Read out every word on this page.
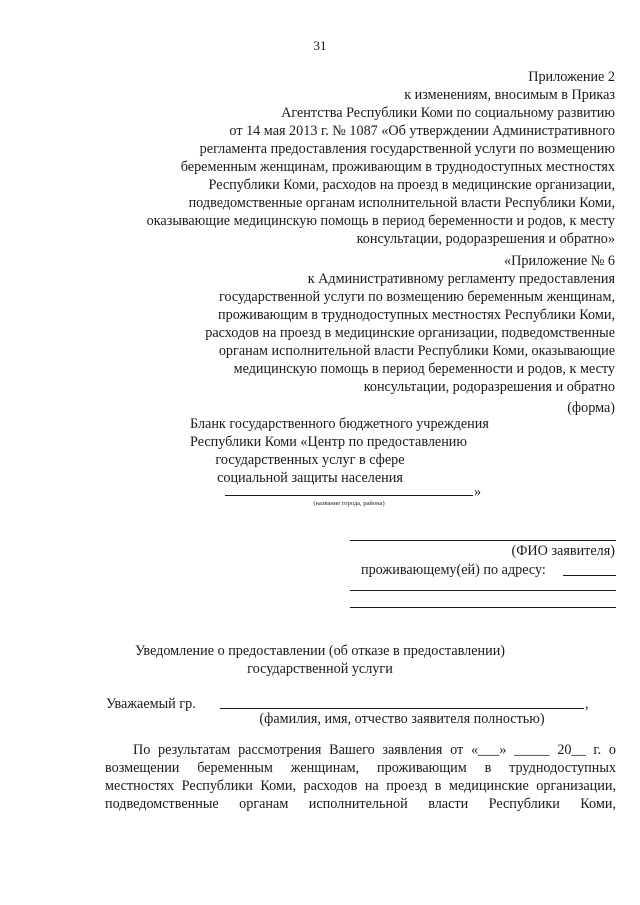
31
Приложение 2
к изменениям, вносимым в Приказ
Агентства Республики Коми по социальному развитию
от 14 мая 2013 г. № 1087 «Об утверждении Административного
регламента предоставления государственной услуги по возмещению
беременным женщинам, проживающим в труднодоступных местностях
Республики Коми, расходов на проезд в медицинские организации,
подведомственные органам исполнительной власти Республики Коми,
оказывающие медицинскую помощь в период беременности и родов, к месту
консультации, родоразрешения и обратно»
«Приложение № 6
к Административному регламенту предоставления
государственной услуги по возмещению беременным женщинам,
проживающим в труднодоступных местностях Республики Коми,
расходов на проезд в медицинские организации, подведомственные
органам исполнительной власти Республики Коми, оказывающие
медицинскую помощь в период беременности и родов, к месту
консультации, родоразрешения и обратно
(форма)
Бланк государственного бюджетного учреждения
Республики Коми «Центр по предоставлению
государственных услуг в сфере
социальной защиты населения
»
(название города, района)
(ФИО заявителя)
проживающему(ей) по адресу:
Уведомление о предоставлении (об отказе в предоставлении)
государственной услуги
Уважаемый гр.	,
(фамилия, имя, отчество заявителя полностью)
По результатам рассмотрения Вашего заявления от «___» _____ 20__ г. о
возмещении беременным женщинам, проживающим в труднодоступных
местностях Республики Коми, расходов на проезд в медицинские организации,
подведомственные органам исполнительной власти Республики Коми,
